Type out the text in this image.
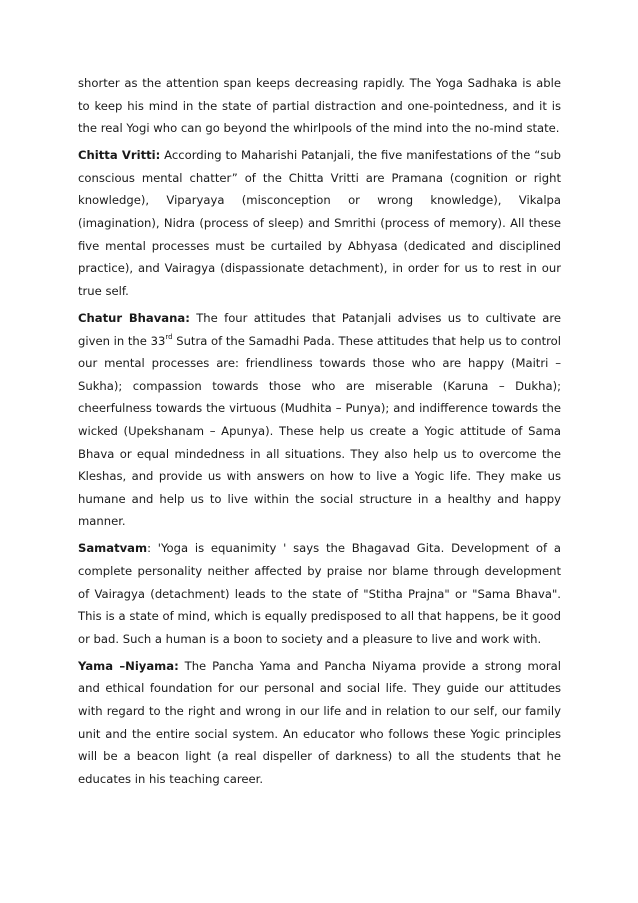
shorter as the attention span keeps decreasing rapidly. The Yoga Sadhaka is able to keep his mind in the state of partial distraction and one-pointedness, and it is the real Yogi who can go beyond the whirlpools of the mind into the no-mind state.

Chitta Vritti: According to Maharishi Patanjali, the five manifestations of the “sub conscious mental chatter” of the Chitta Vritti are Pramana (cognition or right knowledge), Viparyaya (misconception or wrong knowledge), Vikalpa (imagination), Nidra (process of sleep) and Smrithi (process of memory). All these five mental processes must be curtailed by Abhyasa (dedicated and disciplined practice), and Vairagya (dispassionate detachment), in order for us to rest in our true self.

Chatur Bhavana: The four attitudes that Patanjali advises us to cultivate are given in the 33rd Sutra of the Samadhi Pada. These attitudes that help us to control our mental processes are: friendliness towards those who are happy (Maitri – Sukha); compassion towards those who are miserable (Karuna – Dukha); cheerfulness towards the virtuous (Mudhita – Punya); and indifference towards the wicked (Upekshanam – Apunya). These help us create a Yogic attitude of Sama Bhava or equal mindedness in all situations. They also help us to overcome the Kleshas, and provide us with answers on how to live a Yogic life. They make us humane and help us to live within the social structure in a healthy and happy manner.

Samatvam: 'Yoga is equanimity ' says the Bhagavad Gita. Development of a complete personality neither affected by praise nor blame through development of Vairagya (detachment) leads to the state of "Stitha Prajna" or "Sama Bhava". This is a state of mind, which is equally predisposed to all that happens, be it good or bad. Such a human is a boon to society and a pleasure to live and work with.

Yama –Niyama: The Pancha Yama and Pancha Niyama provide a strong moral and ethical foundation for our personal and social life. They guide our attitudes with regard to the right and wrong in our life and in relation to our self, our family unit and the entire social system. An educator who follows these Yogic principles will be a beacon light (a real dispeller of darkness) to all the students that he educates in his teaching career.
